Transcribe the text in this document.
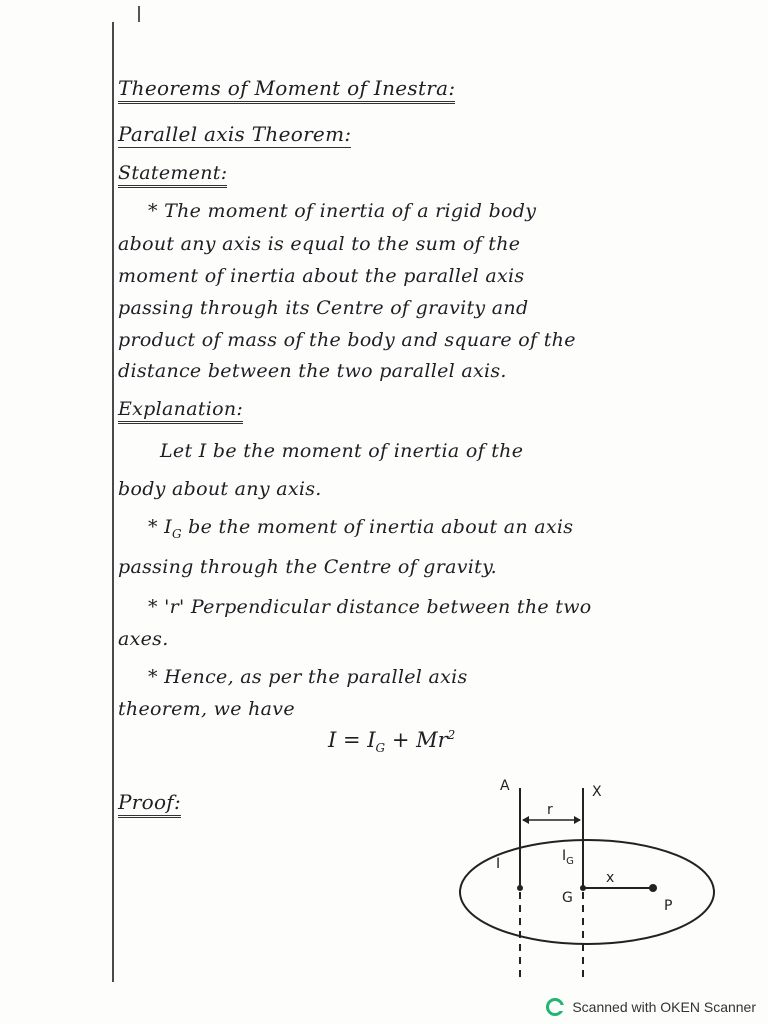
Theorems of Moment of Inestra:
Parallel axis Theorem:
Statement:
* The moment of inertia of a rigid body
about any axis is equal to the sum of the
moment of inertia about the parallel axis
passing through its Centre of gravity and
product of mass of the body and square of the
distance between the two parallel axis.
Explanation:
Let I be the moment of inertia of the
body about any axis.
* $I_G$ be the moment of inertia about an axis
passing through the Centre of gravity.
* 'r' Perpendicular distance between the two
axes.
* Hence, as per the parallel axis
theorem, we have
$I = I_G + Mr^2$
Proof:
A	X
r
I	$I_G$
G
x
P
Scanned with OKEN Scanner
